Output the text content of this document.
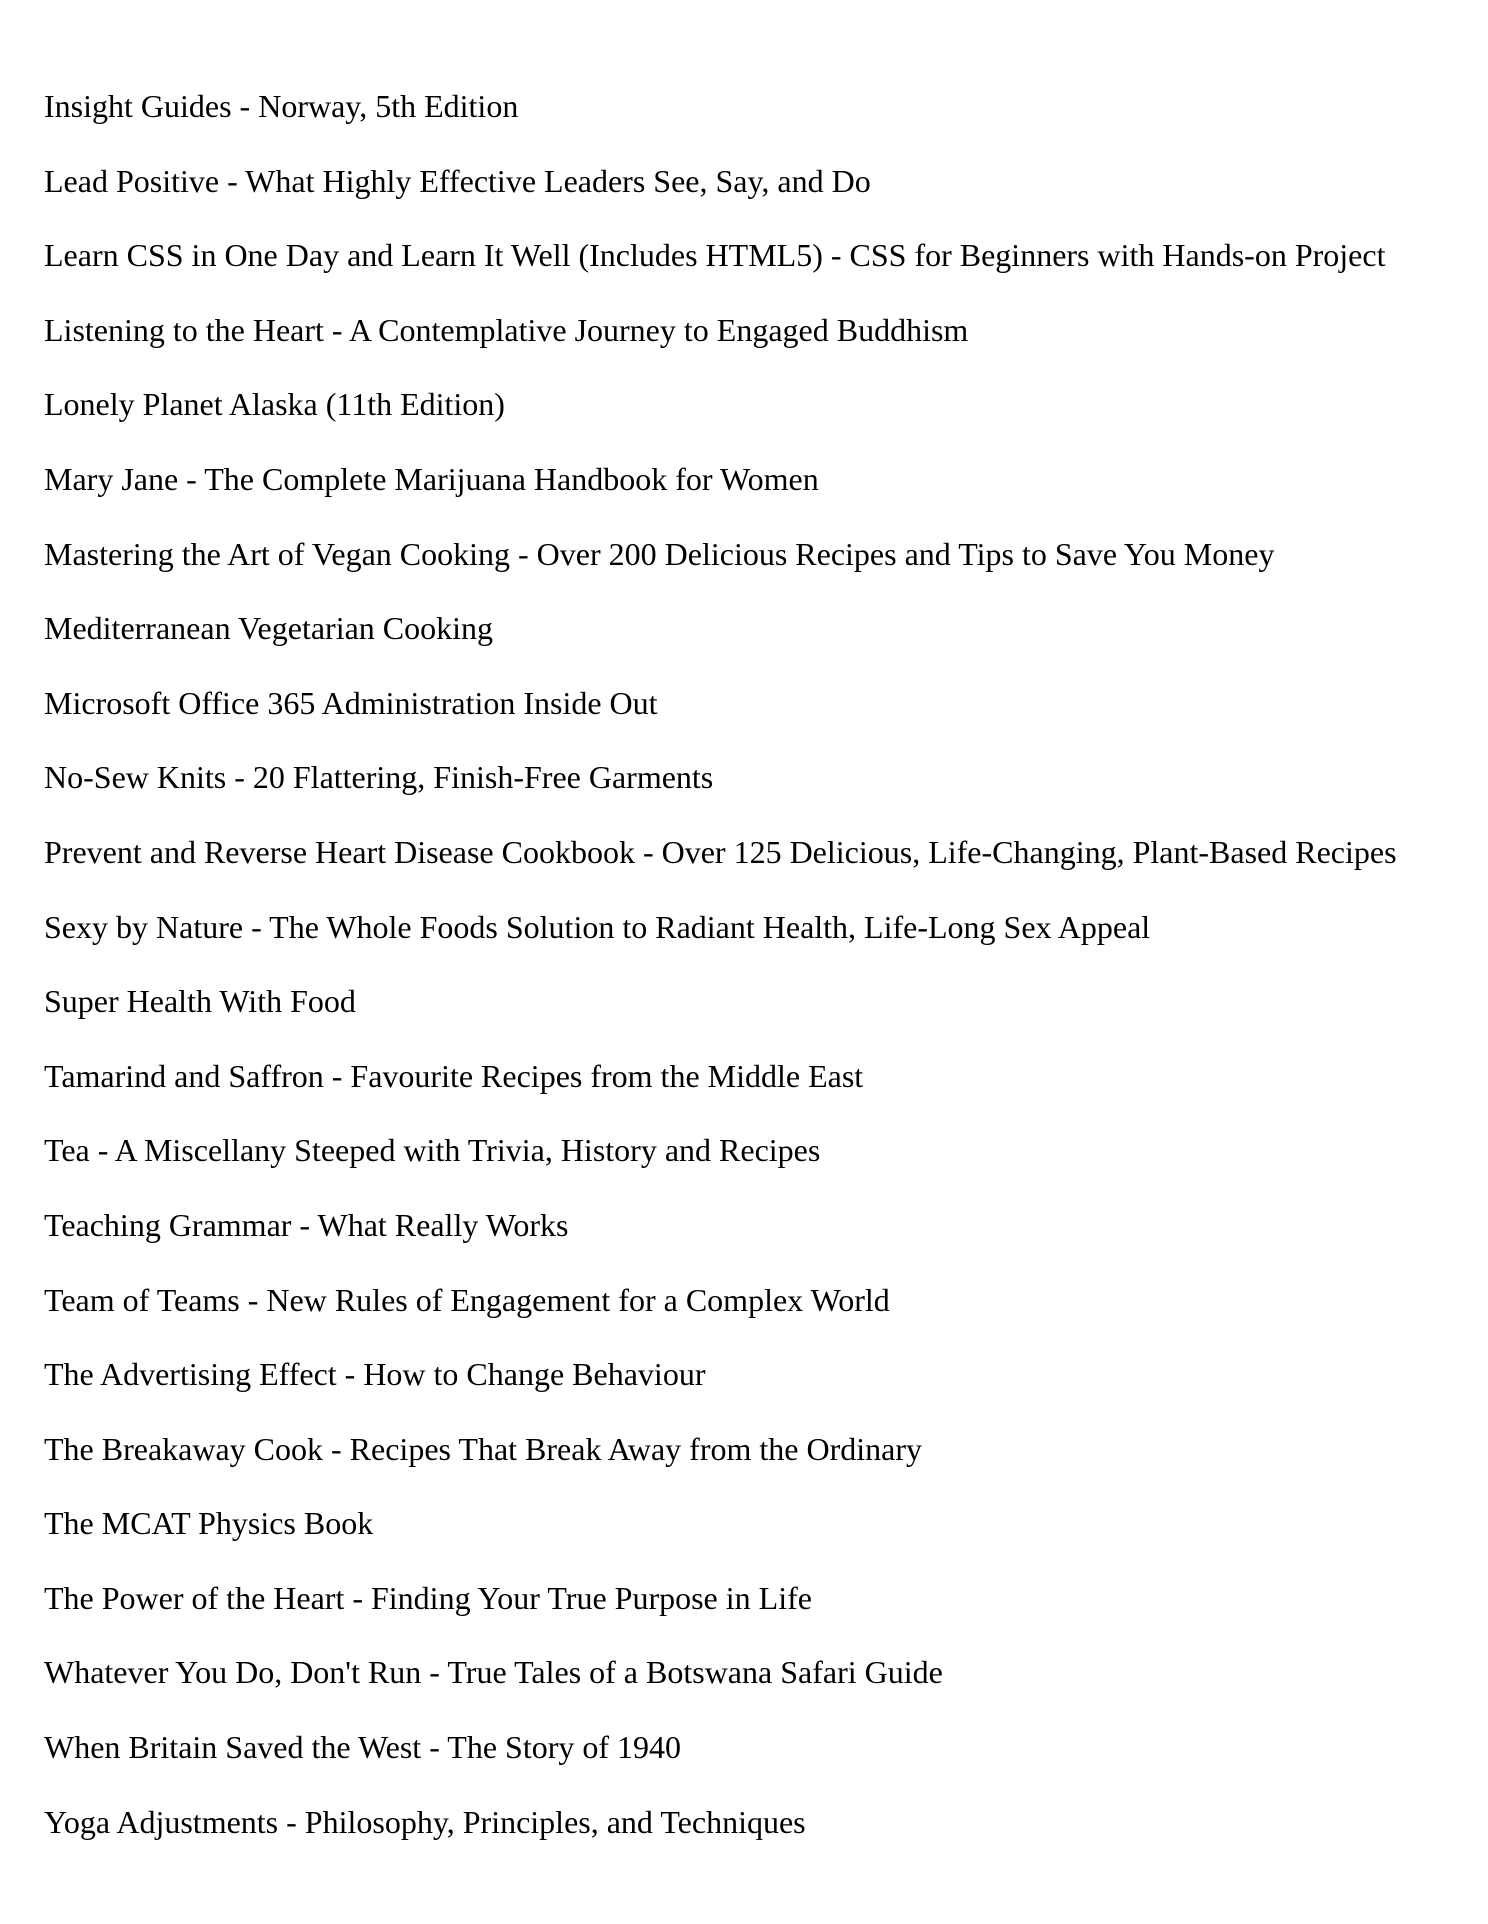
Insight Guides - Norway, 5th Edition
Lead Positive - What Highly Effective Leaders See, Say, and Do
Learn CSS in One Day and Learn It Well (Includes HTML5) - CSS for Beginners with Hands-on Project
Listening to the Heart - A Contemplative Journey to Engaged Buddhism
Lonely Planet Alaska (11th Edition)
Mary Jane - The Complete Marijuana Handbook for Women
Mastering the Art of Vegan Cooking - Over 200 Delicious Recipes and Tips to Save You Money
Mediterranean Vegetarian Cooking
Microsoft Office 365 Administration Inside Out
No-Sew Knits - 20 Flattering, Finish-Free Garments
Prevent and Reverse Heart Disease Cookbook - Over 125 Delicious, Life-Changing, Plant-Based Recipes
Sexy by Nature - The Whole Foods Solution to Radiant Health, Life-Long Sex Appeal
Super Health With Food
Tamarind and Saffron - Favourite Recipes from the Middle East
Tea - A Miscellany Steeped with Trivia, History and Recipes
Teaching Grammar - What Really Works
Team of Teams - New Rules of Engagement for a Complex World
The Advertising Effect - How to Change Behaviour
The Breakaway Cook - Recipes That Break Away from the Ordinary
The MCAT Physics Book
The Power of the Heart - Finding Your True Purpose in Life
Whatever You Do, Don't Run - True Tales of a Botswana Safari Guide
When Britain Saved the West - The Story of 1940
Yoga Adjustments - Philosophy, Principles, and Techniques
